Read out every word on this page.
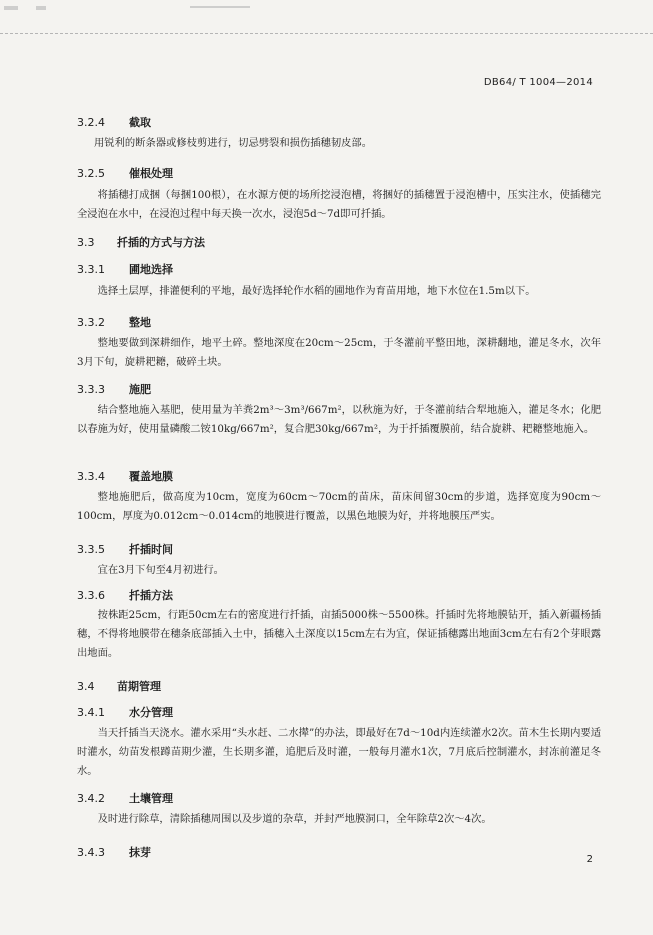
DB64/ T 1004—2014
3.2.4 截取

用锐利的断条器或修枝剪进行，切忌劈裂和损伤插穗韧皮部。

3.2.5 催根处理

将插穗打成捆（每捆100根），在水源方便的场所挖浸泡槽，将捆好的插穗置于浸泡槽中，压实注水，使插穗完全浸泡在水中，在浸泡过程中每天换一次水，浸泡5d～7d即可扦插。

3.3 扦插的方式与方法
3.3.1 圃地选择

选择土层厚，排灌便利的平地，最好选择轮作水稻的圃地作为育苗用地，地下水位在1.5m以下。

3.3.2 整地

整地要做到深耕细作，地平土碎。整地深度在20cm～25cm，于冬灌前平整田地，深耕翻地，灌足冬水，次年3月下旬，旋耕耙耱，破碎土块。

3.3.3 施肥

结合整地施入基肥，使用量为羊粪2m³～3m³/667m²，以秋施为好，于冬灌前结合犁地施入，灌足冬水；化肥以春施为好，使用量磷酸二铵10kg/667m²，复合肥30kg/667m²，为于扦插覆膜前，结合旋耕、耙耱整地施入。

3.3.4 覆盖地膜

整地施肥后，做高度为10cm，宽度为60cm～70cm的苗床，苗床间留30cm的步道，选择宽度为90cm～100cm，厚度为0.012cm～0.014cm的地膜进行覆盖，以黑色地膜为好，并将地膜压严实。

3.3.5 扦插时间

宜在3月下旬至4月初进行。

3.3.6 扦插方法

按株距25cm，行距50cm左右的密度进行扦插，亩插5000株～5500株。扦插时先将地膜钻开，插入新疆杨插穗，不得将地膜带在穗条底部插入土中，插穗入土深度以15cm左右为宜，保证插穗露出地面3cm左右有2个芽眼露出地面。

3.4 苗期管理
3.4.1 水分管理

当天扦插当天浇水。灌水采用“头水赶、二水撵”的办法，即最好在7d～10d内连续灌水2次。苗木生长期内要适时灌水，幼苗发根蹲苗期少灌，生长期多灌，追肥后及时灌，一般每月灌水1次，7月底后控制灌水，封冻前灌足冬水。

3.4.2 土壤管理

及时进行除草，清除插穗周围以及步道的杂草，并封严地膜洞口，全年除草2次～4次。

3.4.3 抹芽
2
